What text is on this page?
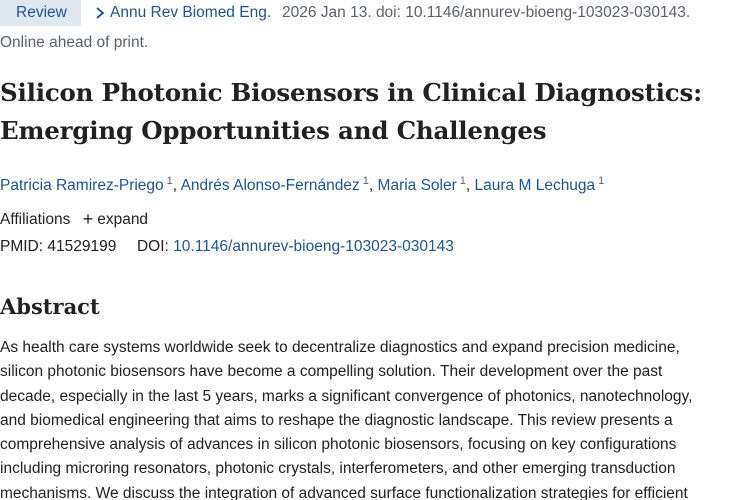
Review	Annu Rev Biomed Eng. 2026 Jan 13. doi: 10.1146/annurev-bioeng-103023-030143.
Online ahead of print.
Silicon Photonic Biosensors in Clinical Diagnostics:
Emerging Opportunities and Challenges
Patricia Ramirez-Priego $^1$, Andrés Alonso-Fernández $^1$, Maria Soler $^1$, Laura M Lechuga $^1$
Affiliations + expand
PMID: 41529199 DOI: 10.1146/annurev-bioeng-103023-030143
Abstract

As health care systems worldwide seek to decentralize diagnostics and expand precision medicine,
silicon photonic biosensors have become a compelling solution. Their development over the past
decade, especially in the last 5 years, marks a significant convergence of photonics, nanotechnology,
and biomedical engineering that aims to reshape the diagnostic landscape. This review presents a
comprehensive analysis of advances in silicon photonic biosensors, focusing on key configurations
including microring resonators, photonic crystals, interferometers, and other emerging transduction
mechanisms. We discuss the integration of advanced surface functionalization strategies for efficient
